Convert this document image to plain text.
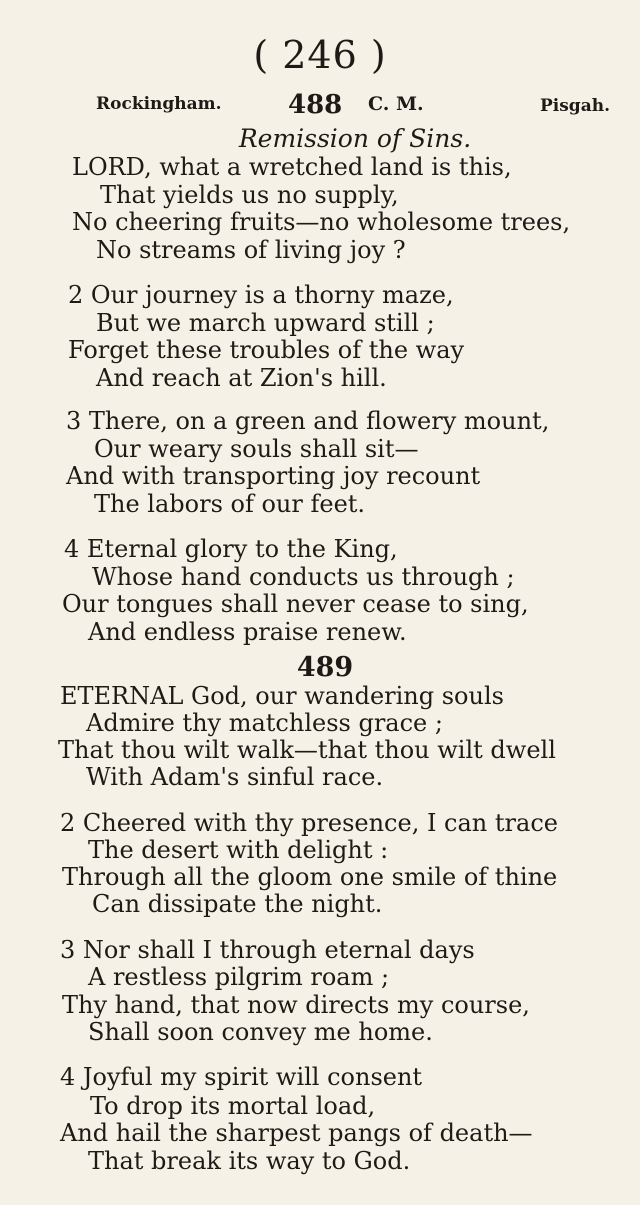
( 246 )
Rockingham.	488 C. M.	Pisgah.
Remission of Sins.
LORD, what a wretched land is this,
That yields us no supply,
No cheering fruits—no wholesome trees,
No streams of living joy ?
2 Our journey is a thorny maze,
But we march upward still ;
Forget these troubles of the way
And reach at Zion's hill.
3 There, on a green and flowery mount,
Our weary souls shall sit—
And with transporting joy recount
The labors of our feet.
4 Eternal glory to the King,
Whose hand conducts us through ;
Our tongues shall never cease to sing,
And endless praise renew.
489
ETERNAL God, our wandering souls
Admire thy matchless grace ;
That thou wilt walk—that thou wilt dwell
With Adam's sinful race.
2 Cheered with thy presence, I can trace
The desert with delight :
Through all the gloom one smile of thine
Can dissipate the night.
3 Nor shall I through eternal days
A restless pilgrim roam ;
Thy hand, that now directs my course,
Shall soon convey me home.
4 Joyful my spirit will consent
To drop its mortal load,
And hail the sharpest pangs of death—
That break its way to God.
